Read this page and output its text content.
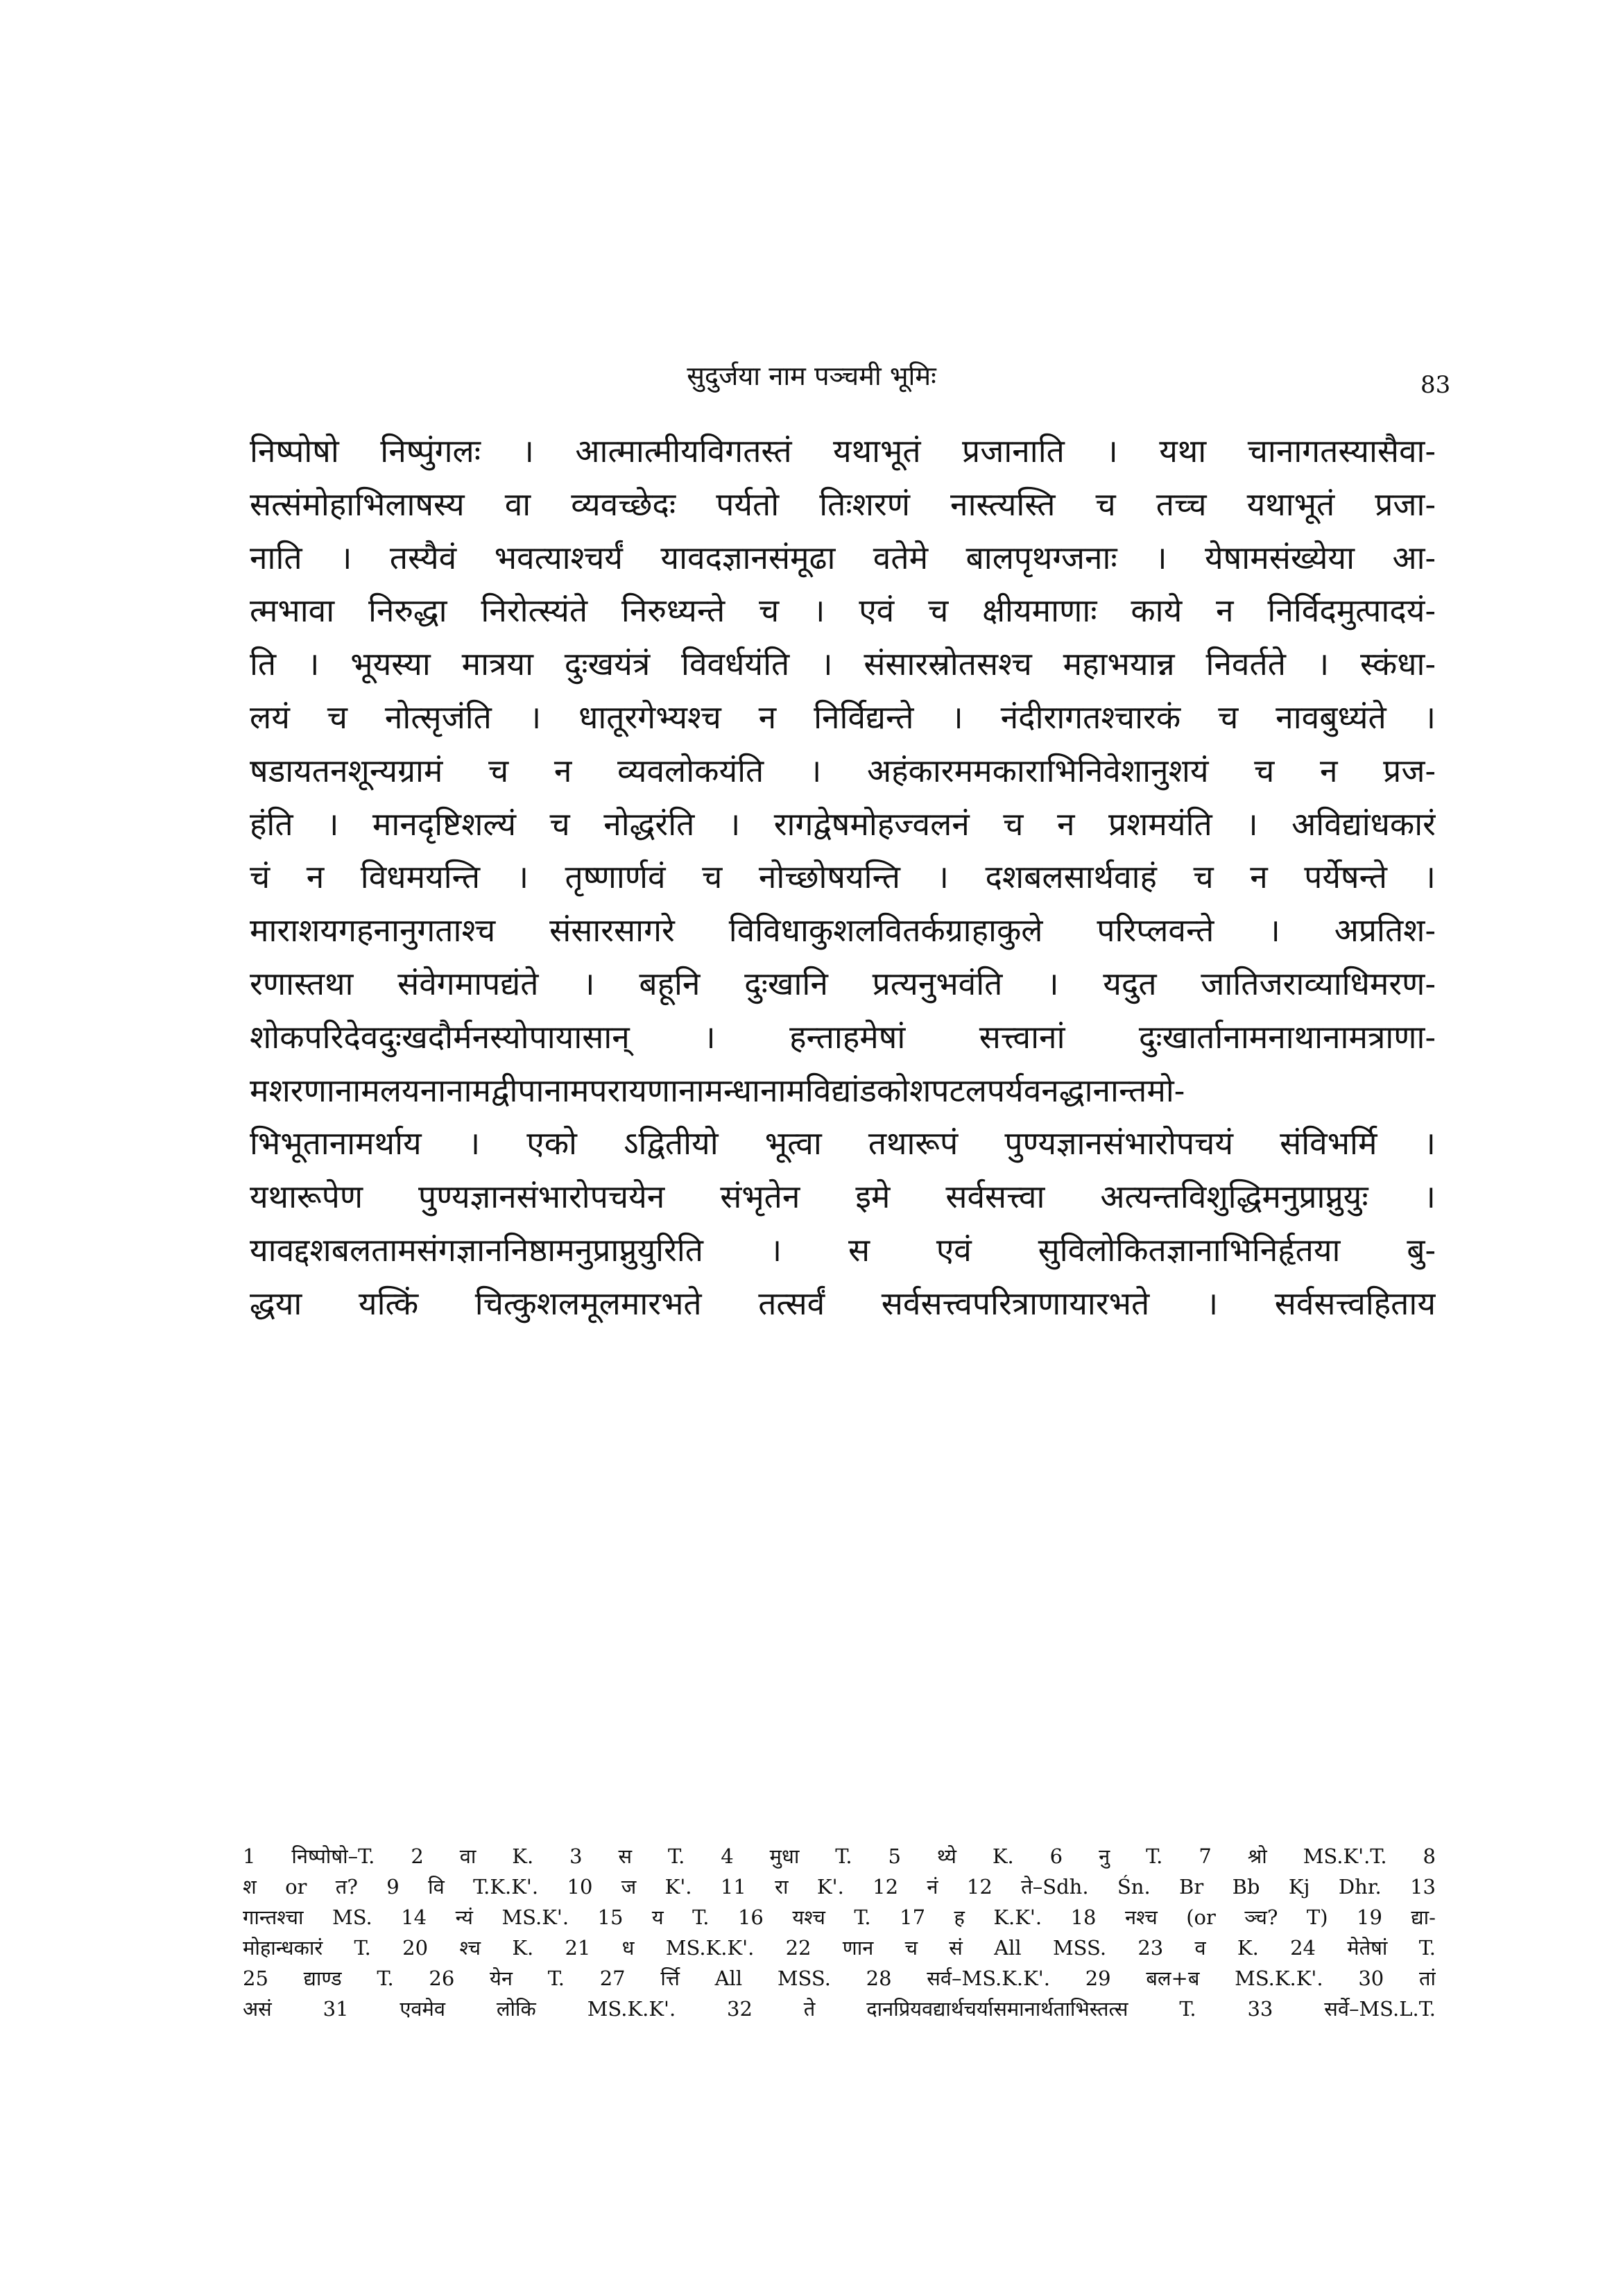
सुदुर्जया नाम पञ्चमी भूमिः	83
निष्पोषो निष्पुंगलः । आत्मात्मीयविगतस्तं यथाभूतं प्रजानाति । यथा चानागतस्यासैवा-
सत्संमोहाभिलाषस्य वा व्यवच्छेदः पर्यतो तिःशरणं नास्त्यस्ति च तच्च यथाभूतं प्रजा-
नाति । तस्यैवं भवत्याश्चर्यं यावदज्ञानसंमूढा वतेमे बालपृथग्जनाः । येषामसंख्येया आ-
त्मभावा निरुद्धा निरोत्स्यंते निरुध्यन्ते च । एवं च क्षीयमाणाः काये न निर्विदमुत्पादयं-
ति । भूयस्या मात्रया दुःखयंत्रं विवर्धयंति । संसारस्रोतसश्च महाभयान्न निवर्तते । स्कंधा-
लयं च नोत्सृजंति । धातूरगेभ्यश्च न निर्विद्यन्ते । नंदीरागतश्चारकं च नावबुध्यंते ।
षडायतनशून्यग्रामं च न व्यवलोकयंति । अहंकारममकाराभिनिवेशानुशयं च न प्रज-
हंति । मानदृष्टिशल्यं च नोद्धरंति । रागद्वेषमोहज्वलनं च न प्रशमयंति । अविद्यांधकारं
चं न विधमयन्ति । तृष्णार्णवं च नोच्छोषयन्ति । दशबलसार्थवाहं च न पर्येषन्ते ।
माराशयगहनानुगताश्च संसारसागरे विविधाकुशलवितर्कग्राहाकुले परिप्लवन्ते । अप्रतिश-
रणास्तथा संवेगमापद्यंते । बहूनि दुःखानि प्रत्यनुभवंति । यदुत जातिजराव्याधिमरण-
शोकपरिदेवदुःखदौर्मनस्योपायासान् । हन्ताहमेषां सत्त्वानां दुःखार्तानामनाथानामत्राणा-
मशरणानामलयनानामद्वीपानामपरायणानामन्धानामविद्यांडकोशपटलपर्यवनद्धानान्तमो-
भिभूतानामर्थाय । एको ऽद्वितीयो भूत्वा तथारूपं पुण्यज्ञानसंभारोपचयं संविभर्मि ।
यथारूपेण पुण्यज्ञानसंभारोपचयेन संभृतेन इमे सर्वसत्त्वा अत्यन्तविशुद्धिमनुप्राप्नुयुः ।
यावद्दशबलतामसंगज्ञाननिष्ठामनुप्राप्नुयुरिति । स एवं सुविलोकितज्ञानाभिनिर्हृतया बु-
द्धया यत्किं चित्कुशलमूलमारभते तत्सर्वं सर्वसत्त्वपरित्राणायारभते । सर्वसत्त्वहिताय
1 निष्पोषो–T. 2 वा K. 3 स T. 4 मुधा T. 5 थ्ये K. 6 नु T. 7 श्रो MS.K'.T. 8
श or त? 9 वि T.K.K'. 10 ज K'. 11 रा K'. 12 नं 12 ते–Sdh. Śn. Br Bb Kj Dhr. 13
गान्तश्चा MS. 14 न्यं MS.K'. 15 य T. 16 यश्च T. 17 ह K.K'. 18 नश्च (or ञ्च? T) 19 द्या-
मोहान्धकारं T. 20 श्च K. 21 ध MS.K.K'. 22 णान च सं All MSS. 23 व K. 24 मेतेषां T.
25 द्याण्ड T. 26 येन T. 27 र्त्ति All MSS. 28 सर्व–MS.K.K'. 29 बल+ब MS.K.K'. 30 तां
असं 31 एवमेव लोकि MS.K.K'. 32 ते दानप्रियवद्यार्थचर्यासमानार्थताभिस्तत्स T. 33 सर्वे–MS.L.T.
